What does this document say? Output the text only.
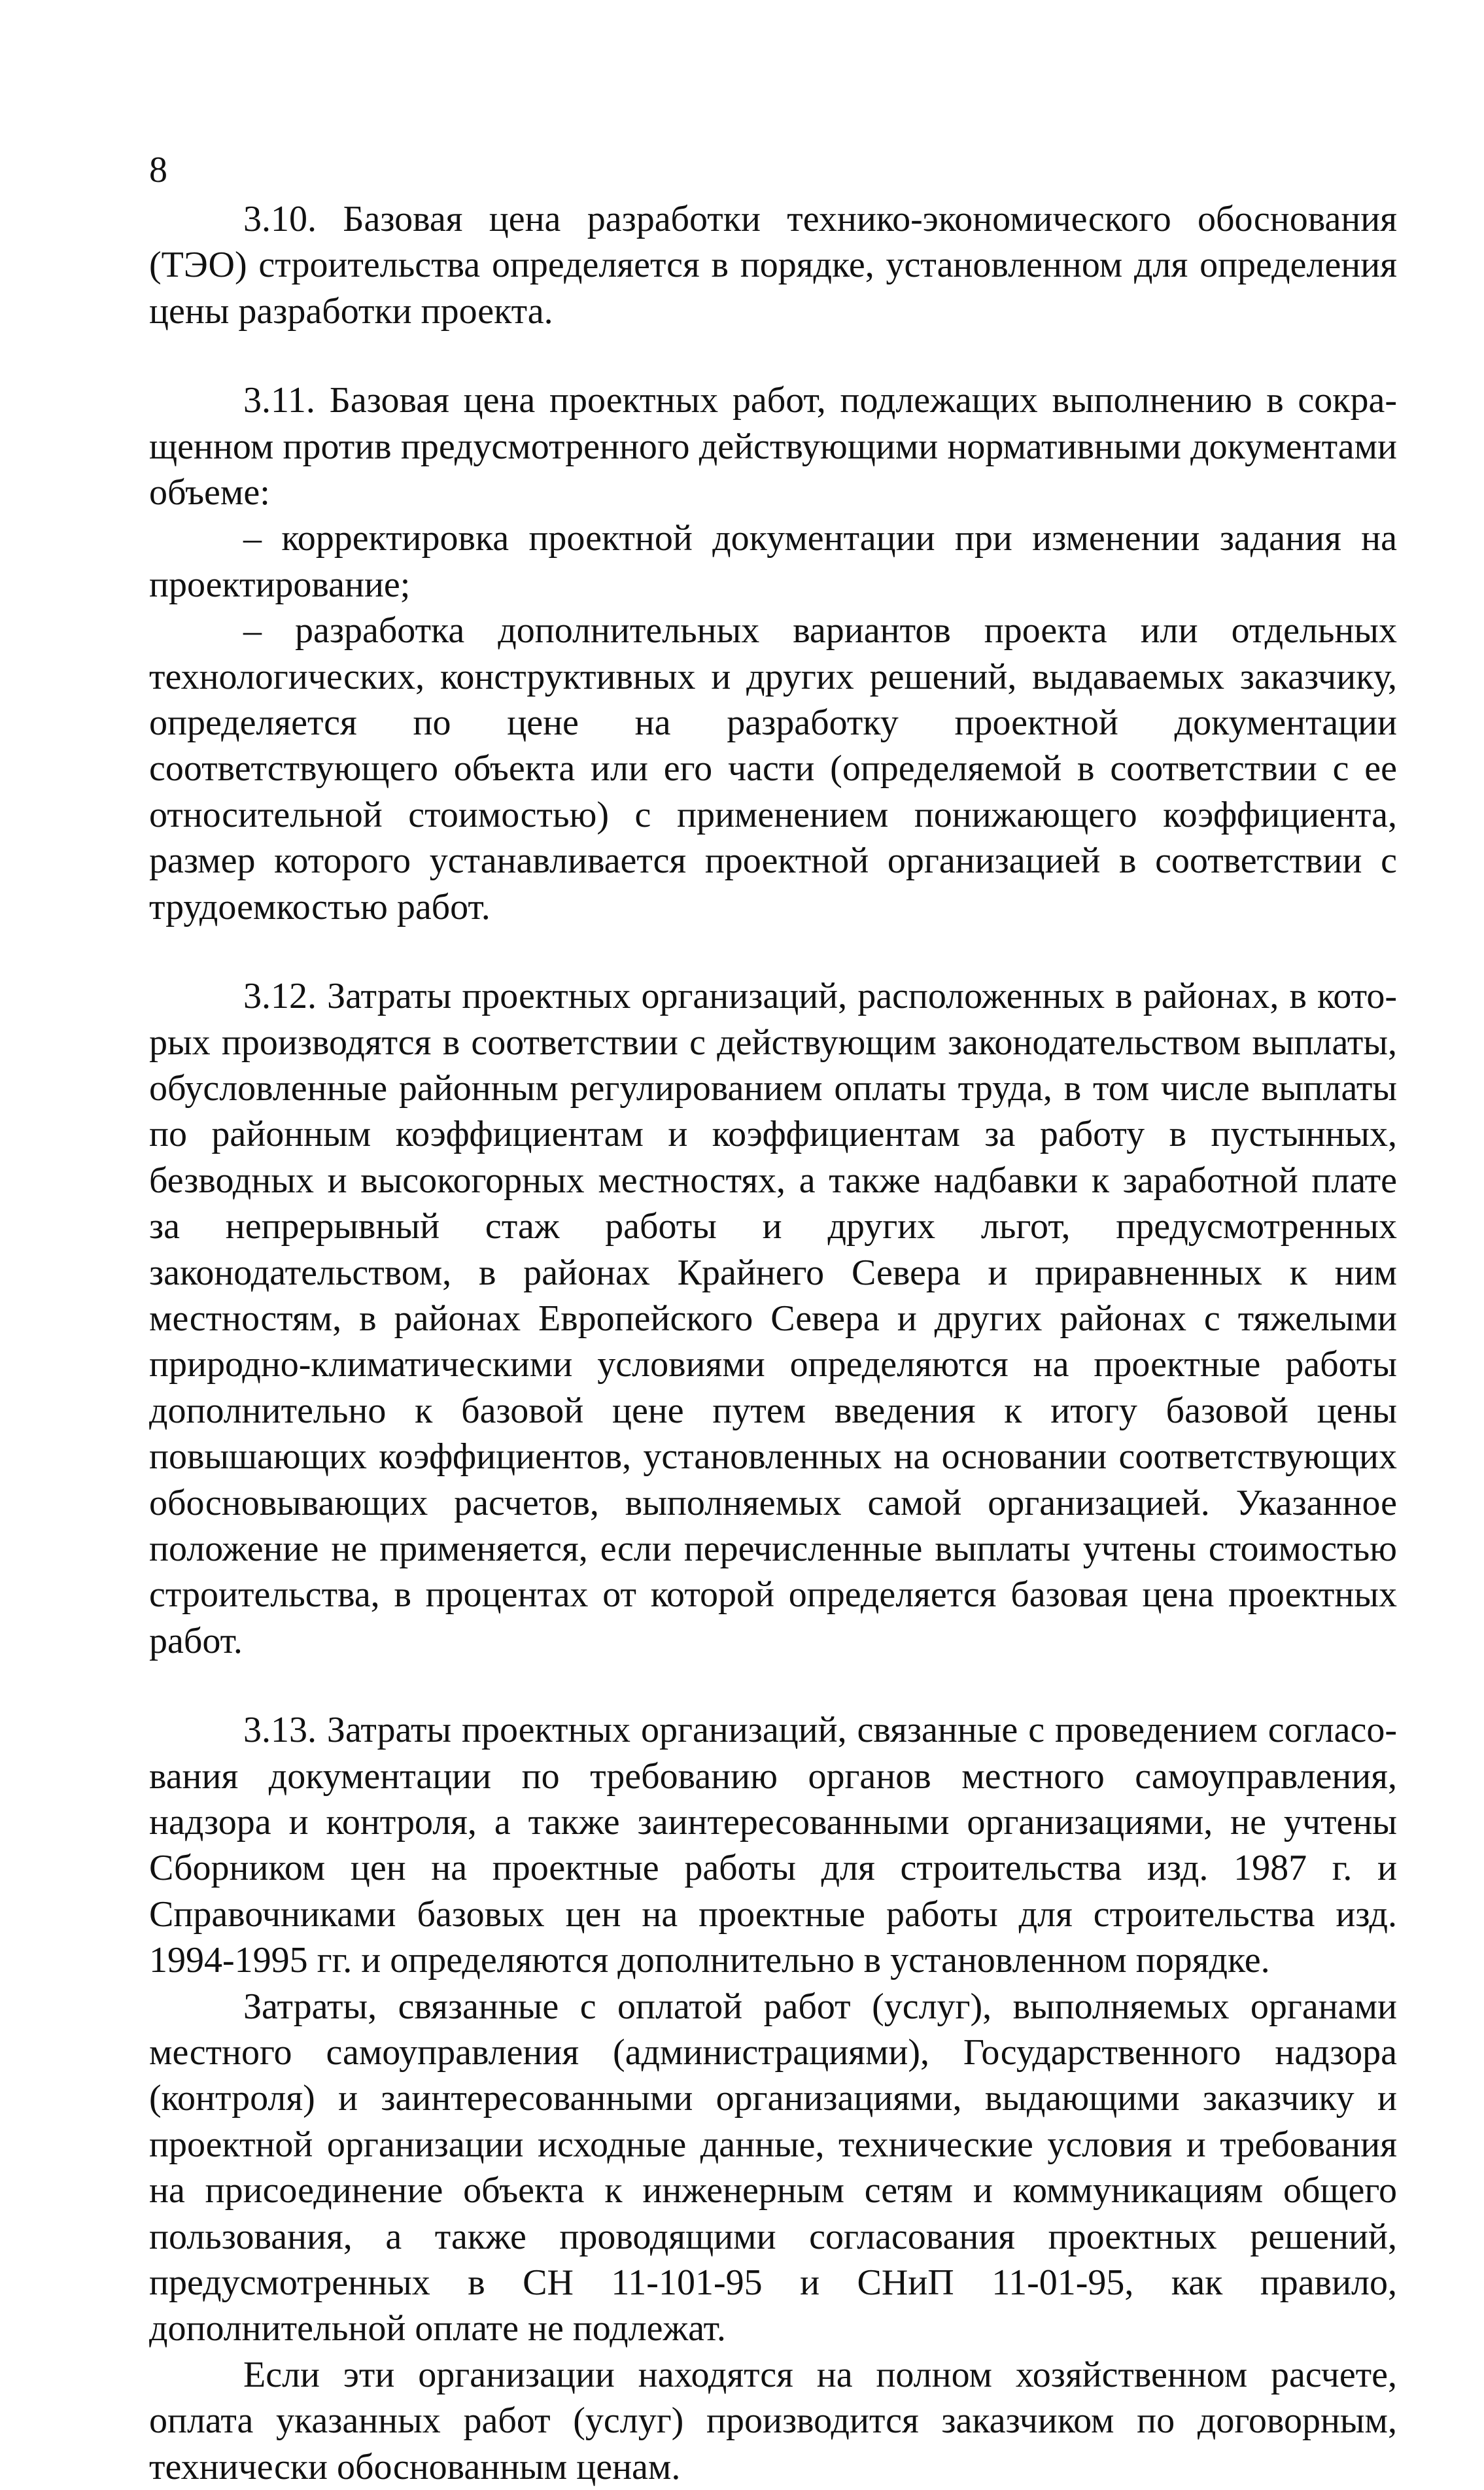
8

3.10. Базовая цена разработки технико-экономического обоснования (ТЭО) строительства определяется в порядке, установленном для определения цены разработки проекта.

3.11. Базовая цена проектных работ, подлежащих выполнению в сокращенном против предусмотренного действующими нормативными документами объеме:

– корректировка проектной документации при изменении задания на проектирование;

– разработка дополнительных вариантов проекта или отдельных технологических, конструктивных и других решений, выдаваемых заказчику, определяется по цене на разработку проектной документации соответствующего объекта или его части (определяемой в соответствии с ее относительной стоимостью) с применением понижающего коэффициента, размер которого устанавливается проектной организацией в соответствии с трудоемкостью работ.

3.12. Затраты проектных организаций, расположенных в районах, в которых производятся в соответствии с действующим законодательством выплаты, обусловленные районным регулированием оплаты труда, в том числе выплаты по районным коэффициентам и коэффициентам за работу в пустынных, безводных и высокогорных местностях, а также надбавки к заработной плате за непрерывный стаж работы и других льгот, предусмотренных законодательством, в районах Крайнего Севера и приравненных к ним местностям, в районах Европейского Севера и других районах с тяжелыми природно-климатическими условиями определяются на проектные работы дополнительно к базовой цене путем введения к итогу базовой цены повышающих коэффициентов, установленных на основании соответствующих обосновывающих расчетов, выполняемых самой организацией. Указанное положение не применяется, если перечисленные выплаты учтены стоимостью строительства, в процентах от которой определяется базовая цена проектных работ.

3.13. Затраты проектных организаций, связанные с проведением согласования документации по требованию органов местного самоуправления, надзора и контроля, а также заинтересованными организациями, не учтены Сборником цен на проектные работы для строительства изд. 1987 г. и Справочниками базовых цен на проектные работы для строительства изд. 1994-1995 гг. и определяются дополнительно в установленном порядке.

Затраты, связанные с оплатой работ (услуг), выполняемых органами местного самоуправления (администрациями), Государственного надзора (контроля) и заинтересованными организациями, выдающими заказчику и проектной организации исходные данные, технические условия и требования на присоединение объекта к инженерным сетям и коммуникациям общего пользования, а также проводящими согласования проектных решений, предусмотренных в СН 11-101-95 и СНиП 11-01-95, как правило, дополнительной оплате не подлежат.

Если эти организации находятся на полном хозяйственном расчете, оплата указанных работ (услуг) производится заказчиком по договорным, технически обоснованным ценам.
